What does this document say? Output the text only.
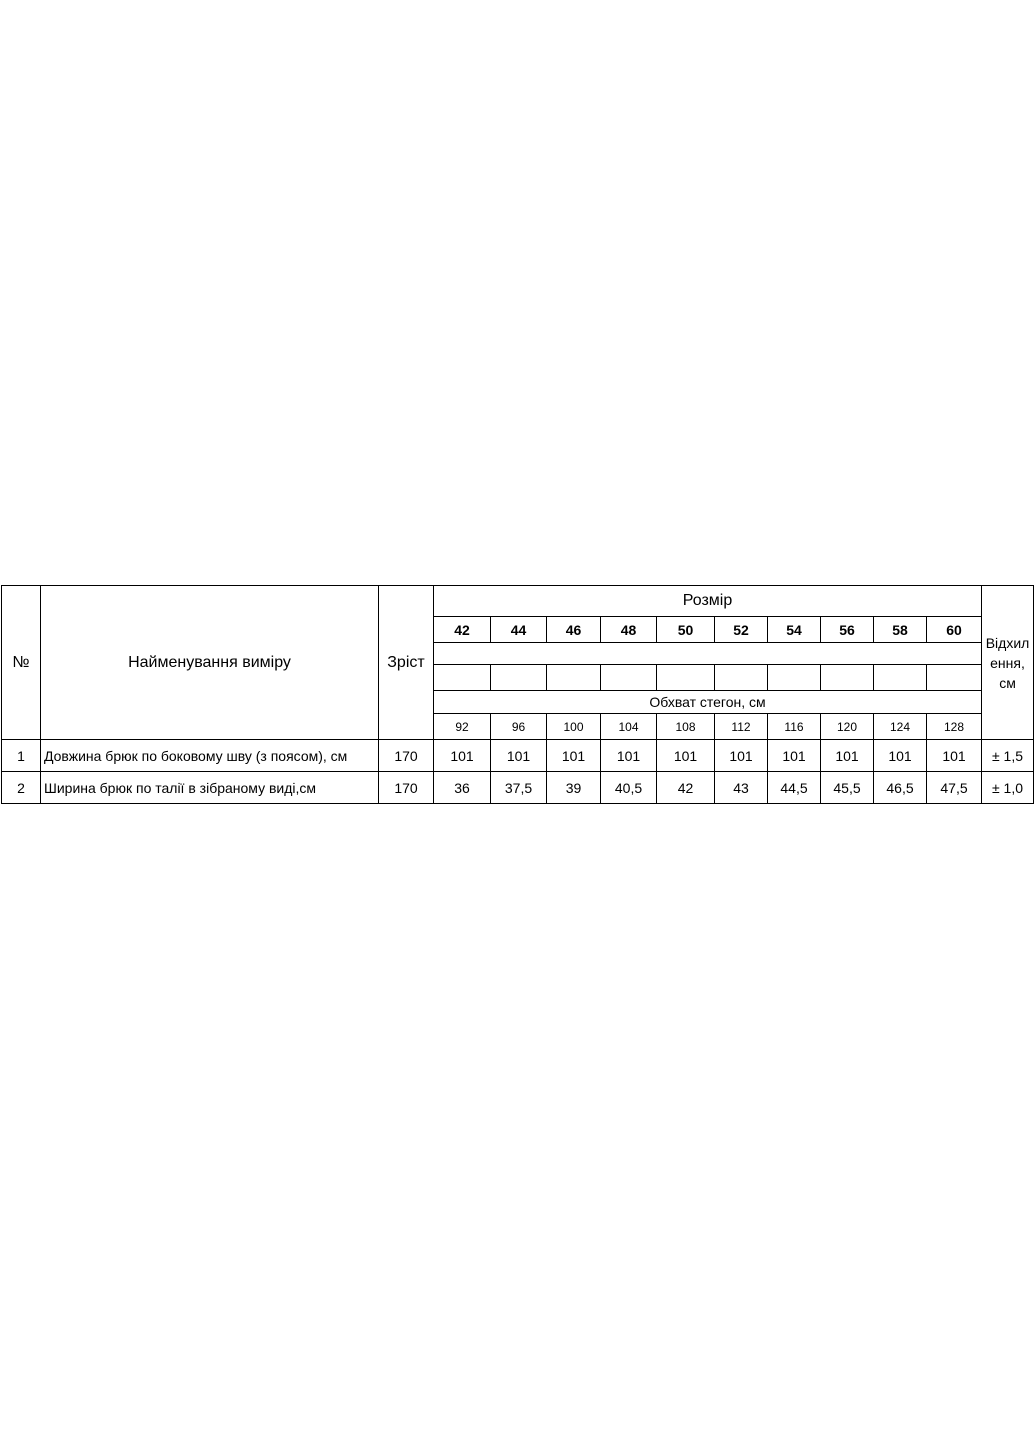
№	Найменування виміру	Зріст	Розмір										Відхил
ення,
см
			42	44	46	48	50	52	54	56	58	60	

			Обхват стегон, см										
			92	96	100	104	108	112	116	120	124	128	
1	Довжина брюк по боковому шву (з поясом), см	170	101	101	101	101	101	101	101	101	101	101	± 1,5
2	Ширина брюк по талії в зібраному виді,см	170	36	37,5	39	40,5	42	43	44,5	45,5	46,5	47,5	± 1,0
